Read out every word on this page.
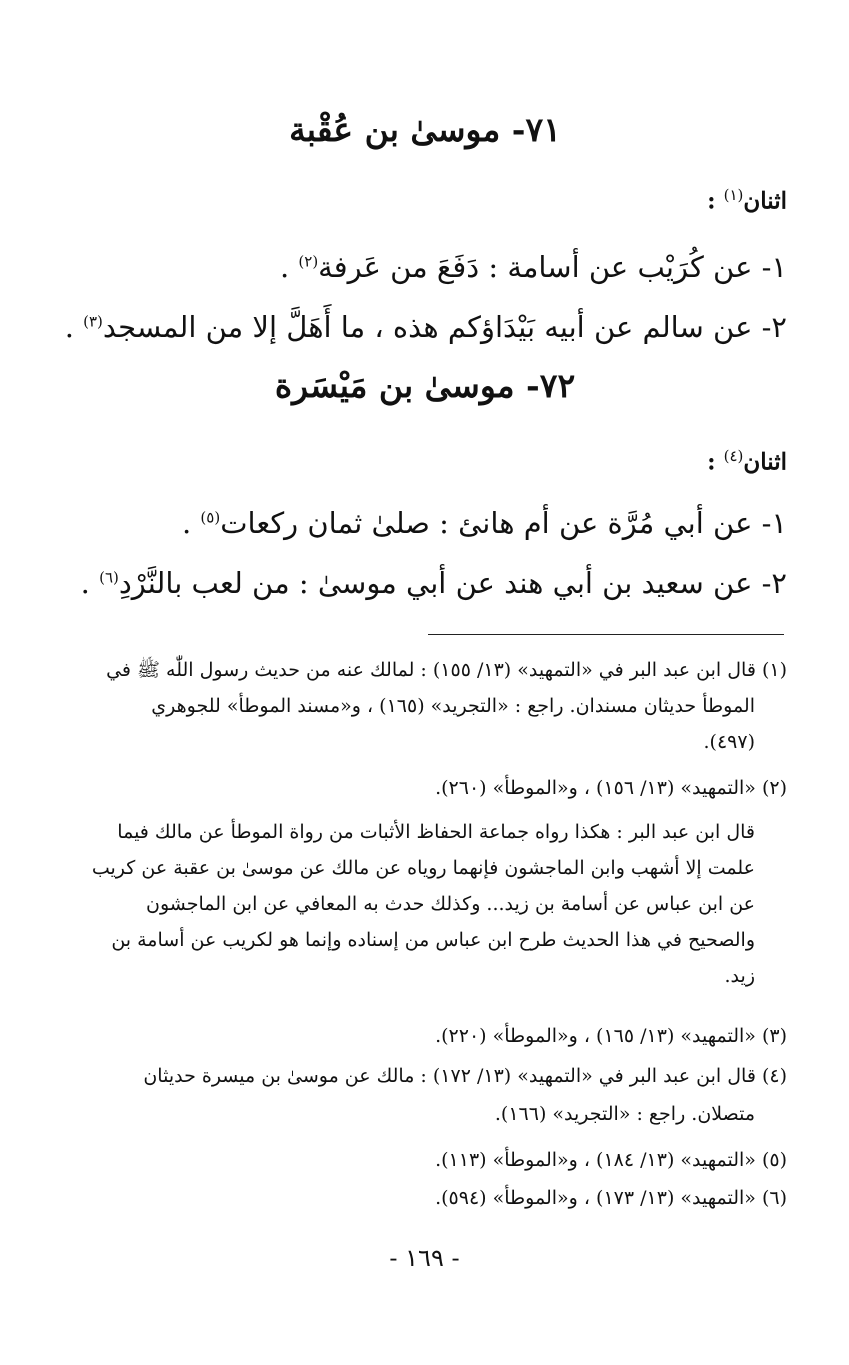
٧١- موسىٰ بن عُقْبة
اثنان$^{(١)}$ :
١- عن كُرَيْب عن أسامة : دَفَعَ من عَرفة$^{(٢)}$ .
٢- عن سالم عن أبيه بَيْدَاؤكم هذه ، ما أَهَلَّ إلا من المسجد$^{(٣)}$ .
٧٢- موسىٰ بن مَيْسَرة
اثنان$^{(٤)}$ :
١- عن أبي مُرَّة عن أم هانئ : صلىٰ ثمان ركعات$^{(٥)}$ .
٢- عن سعيد بن أبي هند عن أبي موسىٰ : من لعب بالنَّرْدِ$^{(٦)}$ .
(١) قال ابن عبد البر في «التمهيد» (١٣/ ١٥٥) : لمالك عنه من حديث رسول اللّٰه ﷺ في
الموطأ حديثان مسندان. راجع : «التجريد» (١٦٥) ، و«مسند الموطأ» للجوهري
(٤٩٧).
(٢) «التمهيد» (١٣/ ١٥٦) ، و«الموطأ» (٢٦٠).
قال ابن عبد البر : هكذا رواه جماعة الحفاظ الأثبات من رواة الموطأ عن مالك فيما
علمت إلا أشهب وابن الماجشون فإنهما روياه عن مالك عن موسىٰ بن عقبة عن كريب
عن ابن عباس عن أسامة بن زيد... وكذلك حدث به المعافي عن ابن الماجشون
والصحيح في هذا الحديث طرح ابن عباس من إسناده وإنما هو لكريب عن أسامة بن
زيد.
(٣) «التمهيد» (١٣/ ١٦٥) ، و«الموطأ» (٢٢٠).
(٤) قال ابن عبد البر في «التمهيد» (١٣/ ١٧٢) : مالك عن موسىٰ بن ميسرة حديثان
متصلان. راجع : «التجريد» (١٦٦).
(٥) «التمهيد» (١٣/ ١٨٤) ، و«الموطأ» (١١٣).
(٦) «التمهيد» (١٣/ ١٧٣) ، و«الموطأ» (٥٩٤).
- ١٦٩ -
